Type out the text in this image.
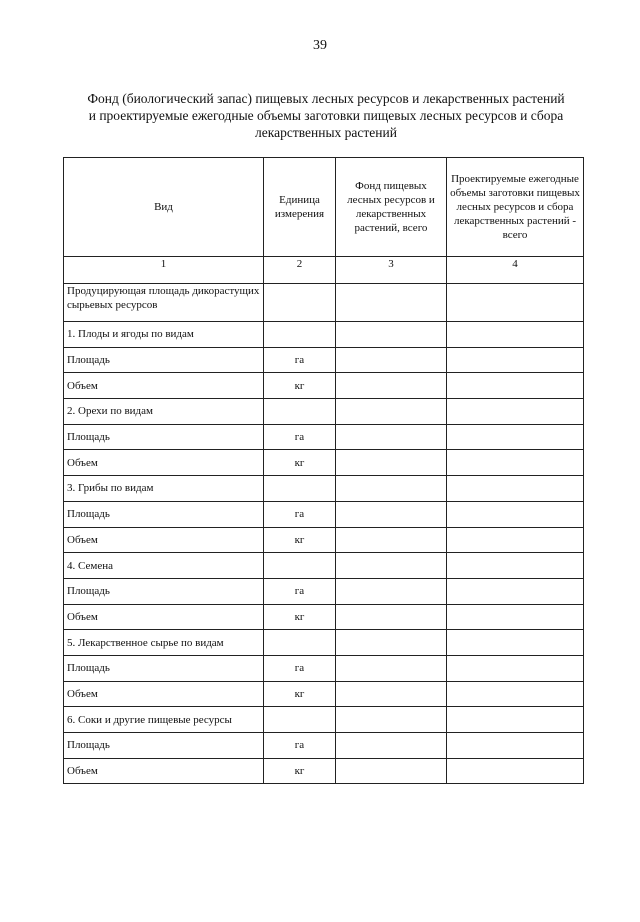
39
Фонд (биологический запас) пищевых лесных ресурсов и лекарственных растений
и проектируемые ежегодные объемы заготовки пищевых лесных ресурсов и сбора
лекарственных растений
Вид	Единица измерения	Фонд пищевых лесных ресурсов и лекарственных растений, всего	Проектируемые ежегодные объемы заготовки пищевых лесных ресурсов и сбора лекарственных растений - всего
1	2	3	4
Продуцирующая площадь дикорастущих сырьевых ресурсов			
1. Плоды и ягоды по видам			
Площадь	га		
Объем	кг		
2. Орехи по видам			
Площадь	га		
Объем	кг		
3. Грибы по видам			
Площадь	га		
Объем	кг		
4. Семена			
Площадь	га		
Объем	кг		
5. Лекарственное сырье по видам			
Площадь	га		
Объем	кг		
6. Соки и другие пищевые ресурсы			
Площадь	га		
Объем	кг		
